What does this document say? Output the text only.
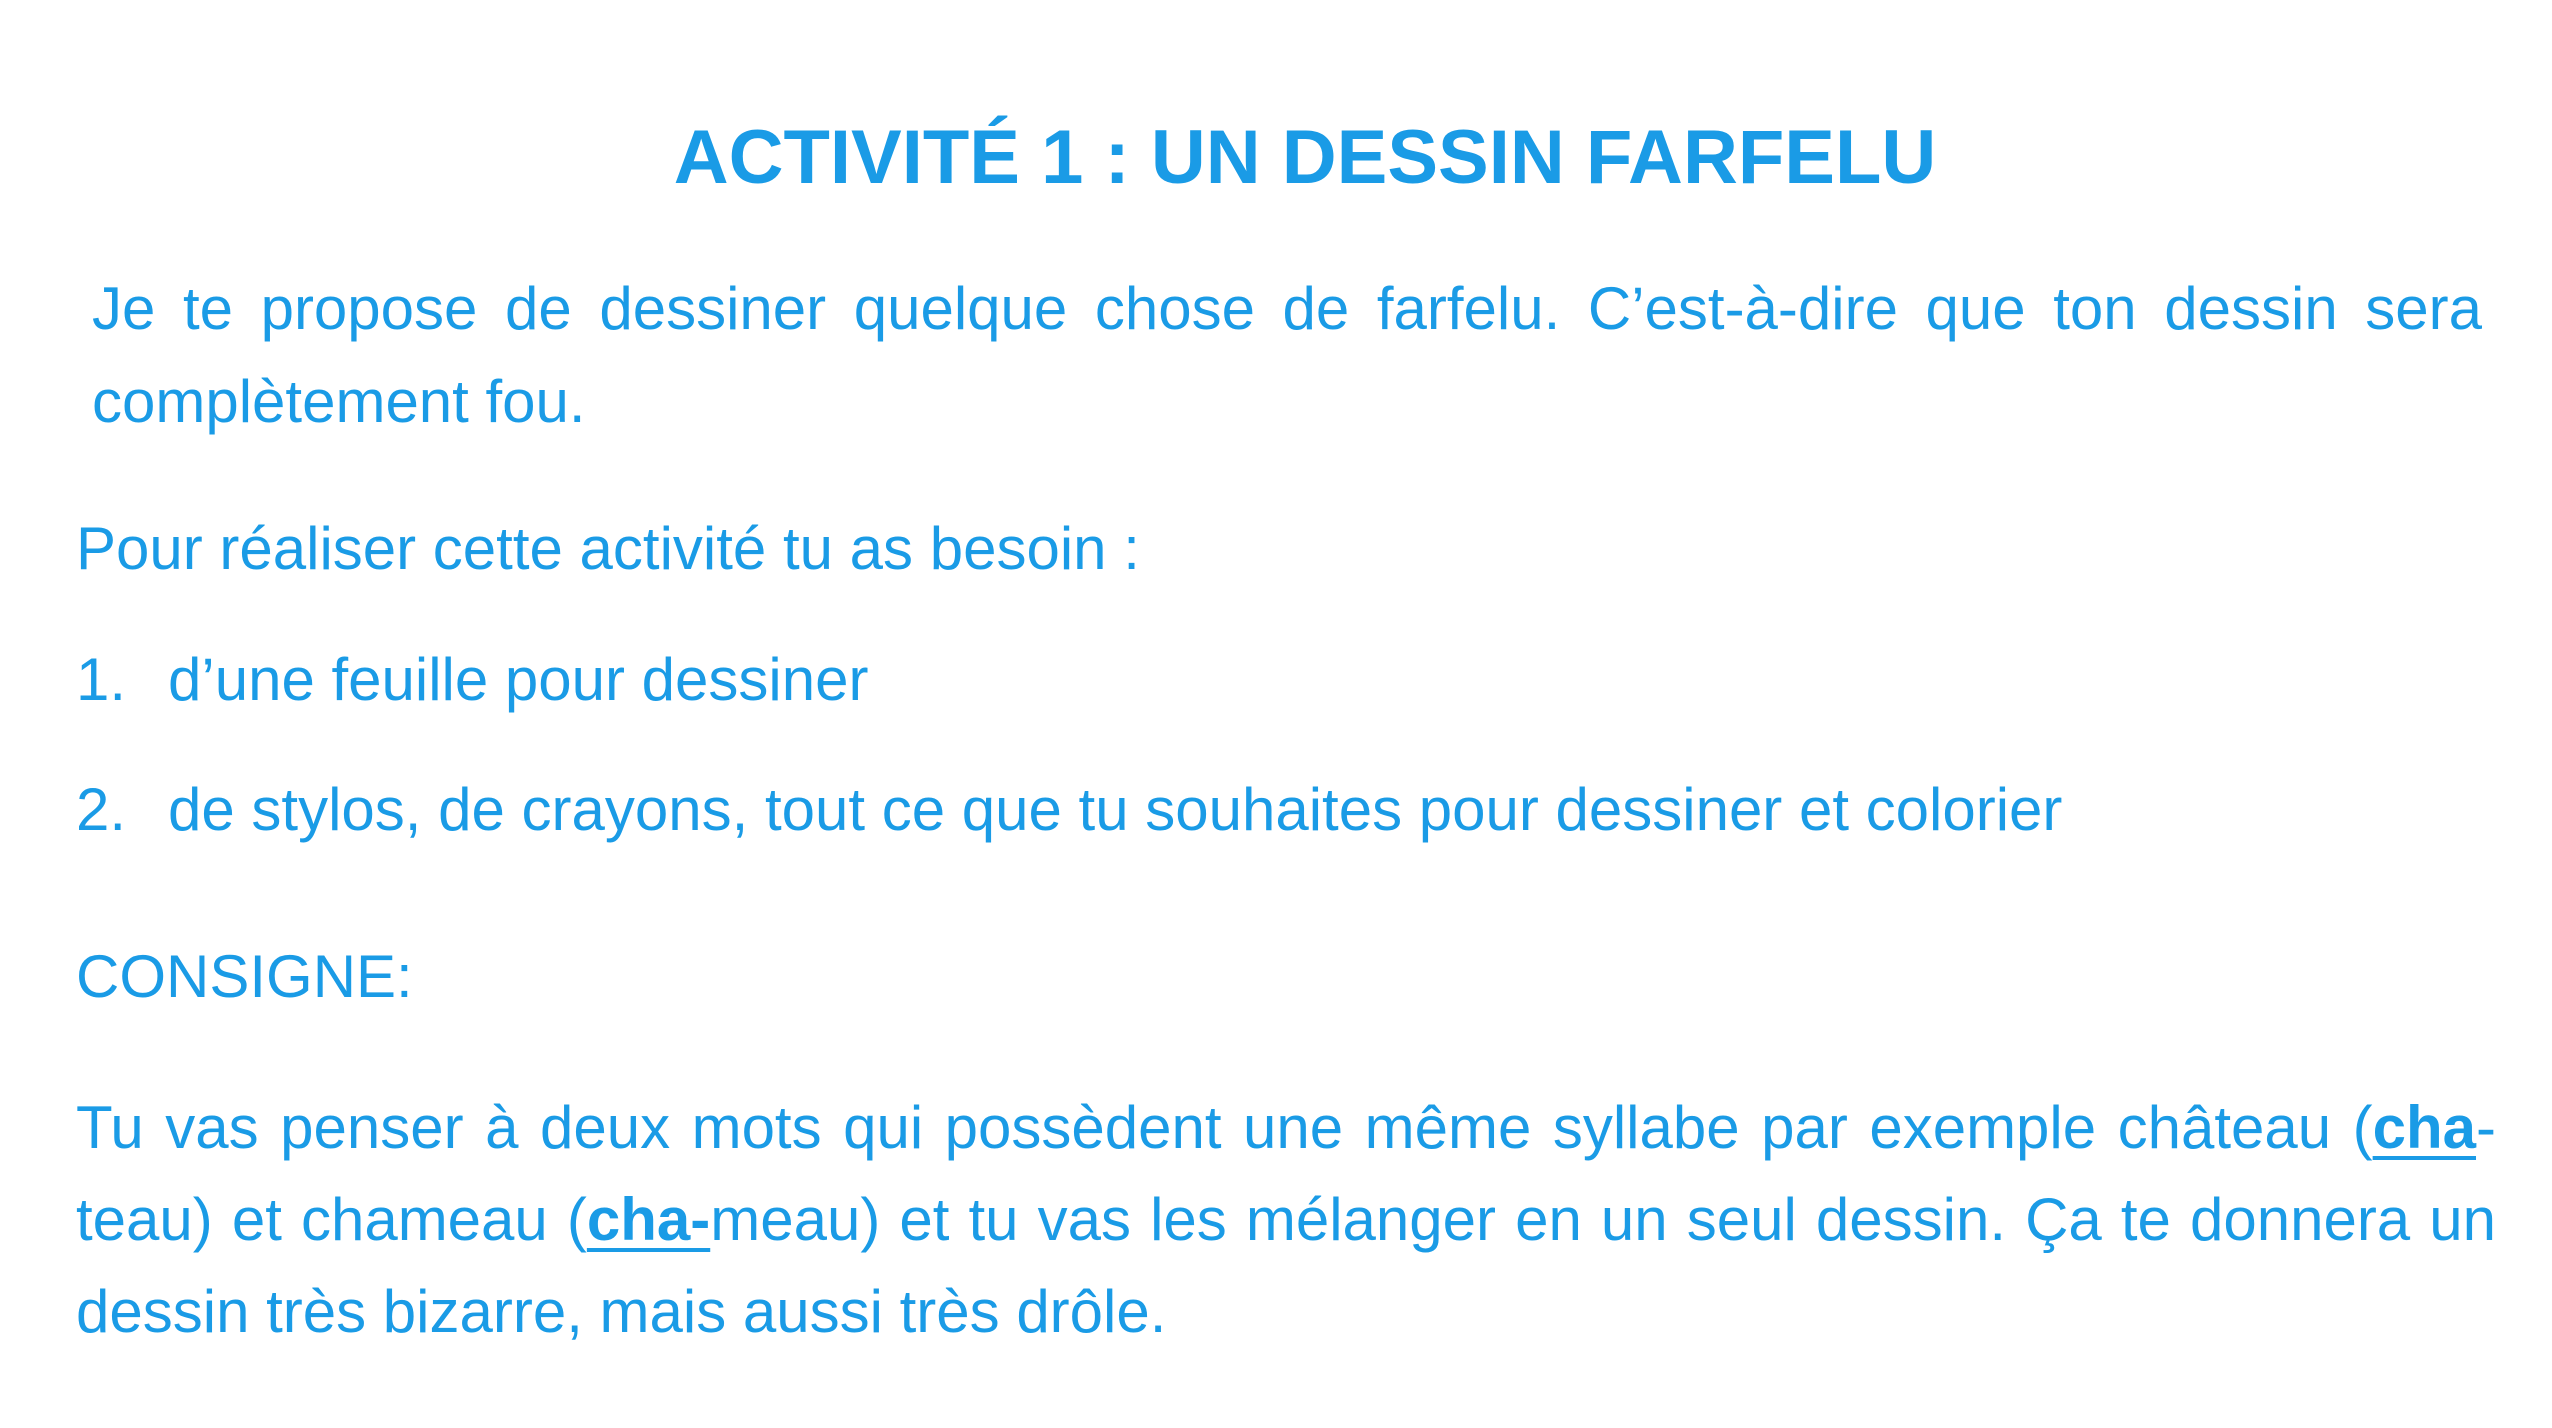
ACTIVITÉ 1 : UN DESSIN FARFELU
Je te propose de dessiner quelque chose de farfelu. C’est-à-dire que ton dessin sera complètement fou.
Pour réaliser cette activité tu as besoin :
1. d’une feuille pour dessiner
2. de stylos, de crayons, tout ce que tu souhaites pour dessiner et colorier
CONSIGNE:
Tu vas penser à deux mots qui possèdent une même syllabe par exemple château (cha-teau) et chameau (cha-meau) et tu vas les mélanger en un seul dessin. Ça te donnera un dessin très bizarre, mais aussi très drôle.
